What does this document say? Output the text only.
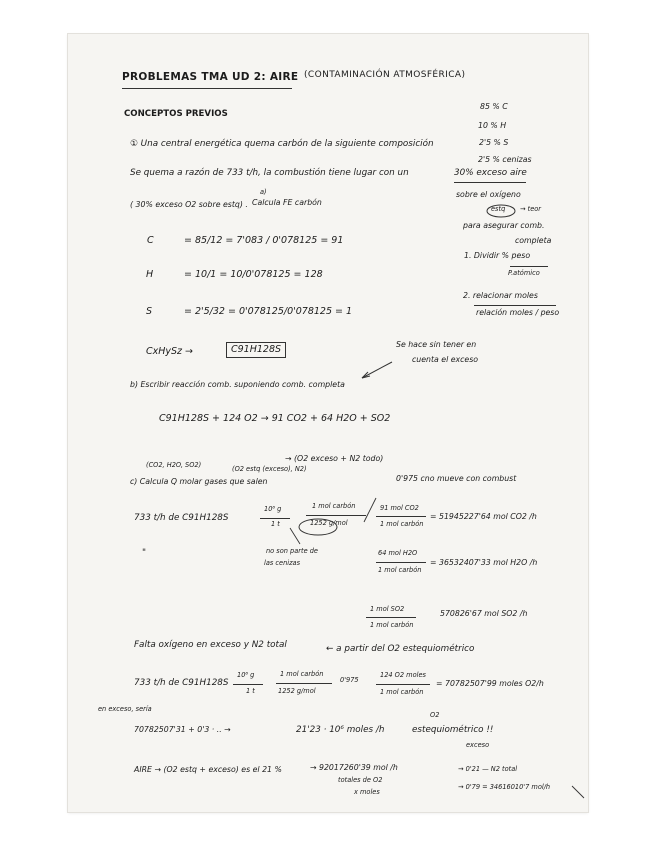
PROBLEMAS TMA UD 2: AIRE (CONTAMINACIÓN ATMOSFÉRICA)
CONCEPTOS PREVIOS
85 % C
10 % H
2'5 % S
2'5 % cenizas
① Una central energética quema carbón de la siguiente composición
Se quema a razón de 733 t/h, la combustión tiene lugar con un	30% exceso aire
( 30% exceso O2 sobre estq) .
a)
Calcula FE carbón
sobre el oxígeno
estq → teor
para asegurar comb.
completa
1. Dividir % peso
P.atómico
2. relacionar moles
relación moles / peso
C	= 85/12 = 7'083 / 0'078125 = 91
H	= 10/1 = 10/0'078125 = 128
S	= 2'5/32 = 0'078125/0'078125 = 1
CxHySz →	C91H128S	Se hace sin tener en
cuenta el exceso
b) Escribir reacción comb. suponiendo comb. completa
C91H128S + 124 O2 → 91 CO2 + 64 H2O + SO2
→ (O2 exceso + N2 todo)
(CO2, H2O, SO2)	(O2 estq (exceso), N2)
c) Calcula Q molar gases que salen	0'975 cno mueve con combust
733 t/h de C91H128S
10⁶ g
1 t
1 mol carbón
1252 g/mol
91 mol CO2
1 mol carbón
= 51945227'64 mol CO2 /h
"	no son parte de
las cenizas
64 mol H2O
1 mol carbón
= 36532407'33 mol H2O /h
1 mol SO2
1 mol carbón
570826'67 mol SO2 /h
Falta oxígeno en exceso y N2 total	← a partir del O2 estequiométrico
733 t/h de C91H128S
10⁶ g
1 t
1 mol carbón
1252 g/mol
0'975
124 O2 moles
1 mol carbón
= 70782507'99 moles O2/h
en exceso, sería
70782507'31 + 0'3 · .. →	21'23 · 10⁶ moles /h
O2
estequiométrico !!
exceso
AIRE → (O2 estq + exceso) es el 21 %	→ 92017260'39 mol /h
totales de O2
x moles
→ 0'21 — N2 total
→ 0'79 = 34616010'7 mol/h
